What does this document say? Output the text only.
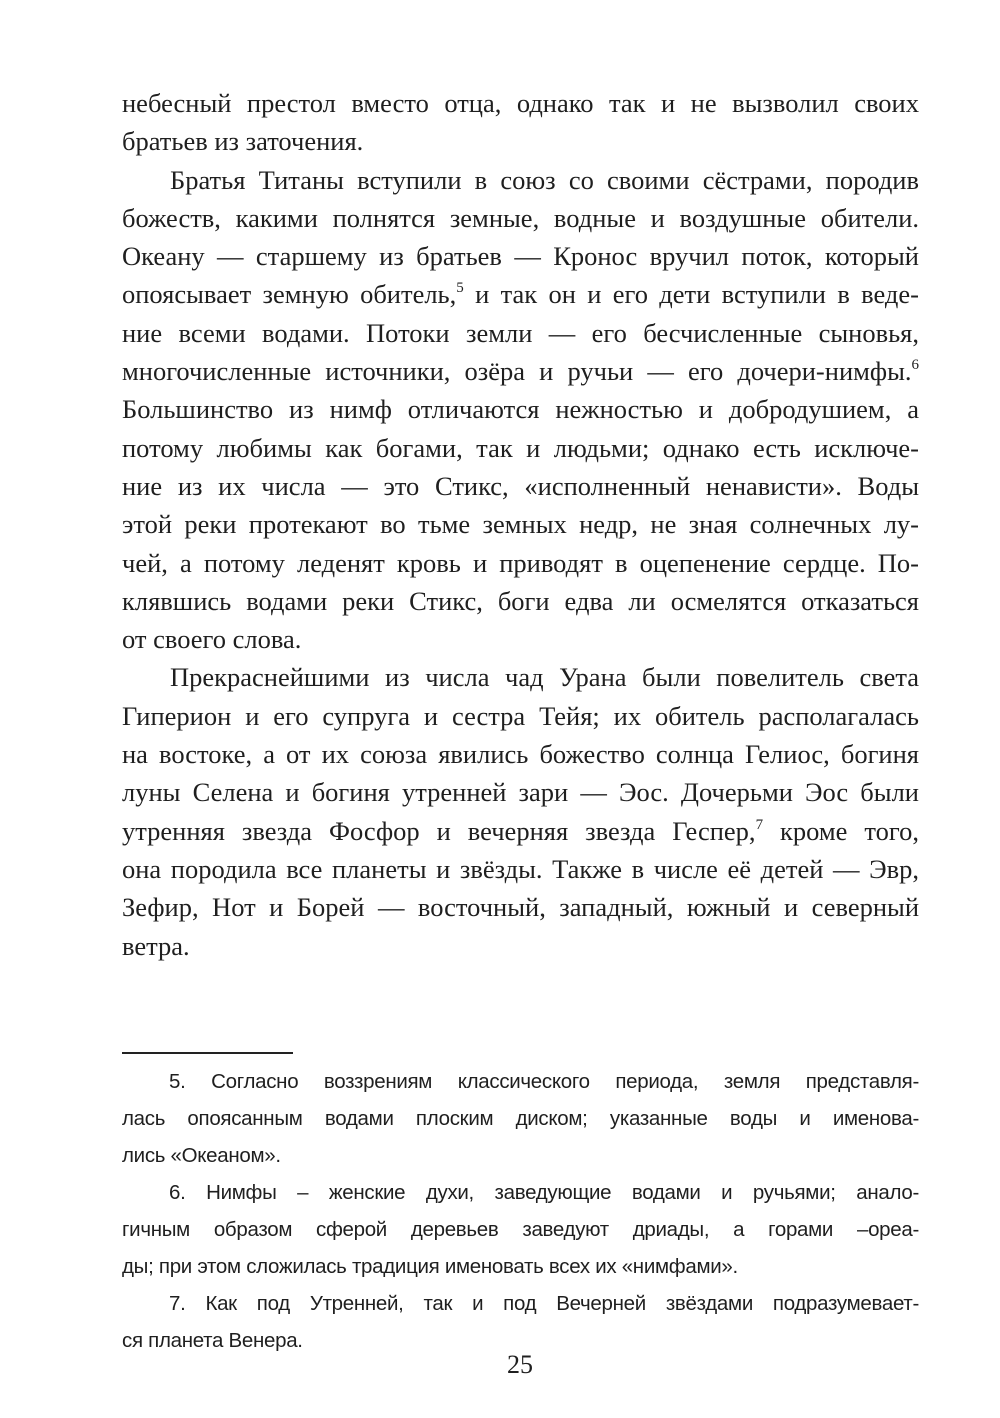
небесный престол вместо отца, однако так и не вызволил своих
братьев из заточения.
Братья Титаны вступили в союз со своими сёстрами, породив
божеств, какими полнятся земные, водные и воздушные обители.
Океану — старшему из братьев — Кронос вручил поток, который
опоясывает земную обитель,$^5$ и так он и его дети вступили в веде-
ние всеми водами. Потоки земли — его бесчисленные сыновья,
многочисленные источники, озёра и ручьи — его дочери-нимфы.$^6$
Большинство из нимф отличаются нежностью и добродушием, а
потому любимы как богами, так и людьми; однако есть исключе-
ние из их числа — это Стикс, «исполненный ненависти». Воды
этой реки протекают во тьме земных недр, не зная солнечных лу-
чей, а потому леденят кровь и приводят в оцепенение сердце. По-
клявшись водами реки Стикс, боги едва ли осмелятся отказаться
от своего слова.
Прекраснейшими из числа чад Урана были повелитель света
Гиперион и его супруга и сестра Тейя; их обитель располагалась
на востоке, а от их союза явились божество солнца Гелиос, богиня
луны Селена и богиня утренней зари — Эос. Дочерьми Эос были
утренняя звезда Фосфор и вечерняя звезда Геспер,$^7$ кроме того,
она породила все планеты и звёзды. Также в числе её детей — Эвр,
Зефир, Нот и Борей — восточный, западный, южный и северный
ветра.
5. Согласно воззрениям классического периода, земля представля-
лась опоясанным водами плоским диском; указанные воды и именова-
лись «Океаном».
6. Нимфы – женские духи, заведующие водами и ручьями; анало-
гичным образом сферой деревьев заведуют дриады, а горами –ореа-
ды; при этом сложилась традиция именовать всех их «нимфами».
7. Как под Утренней, так и под Вечерней звёздами подразумевает-
ся планета Венера.
25
